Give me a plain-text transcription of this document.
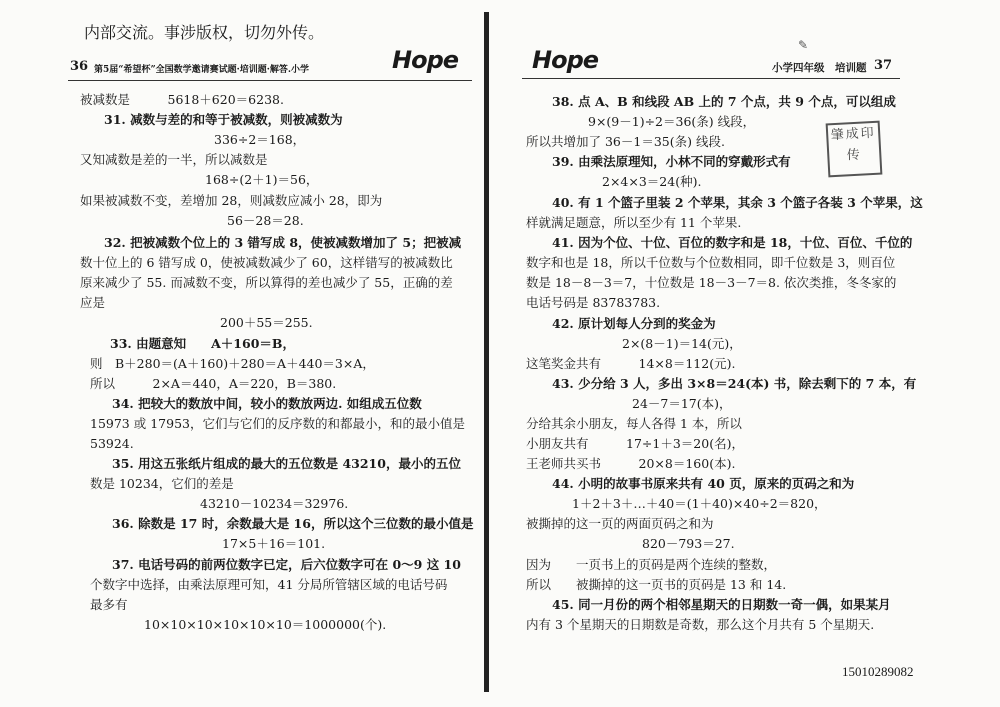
内部交流。事涉版权，切勿外传。
36 第5届“希望杯”全国数学邀请赛试题·培训题·解答.小学	Hope
被减数是　　　5618＋620＝6238.
31. 减数与差的和等于被减数，则被减数为
336÷2＝168，
又知减数是差的一半，所以减数是
168÷(2＋1)＝56，
如果被减数不变，差增加 28，则减数应减小 28，即为
56－28＝28.
32. 把被减数个位上的 3 错写成 8，使被减数增加了 5；把被减
数十位上的 6 错写成 0，使被减数减少了 60，这样错写的被减数比
原来减少了 55. 而减数不变，所以算得的差也减少了 55，正确的差
应是
200＋55＝255.
33. 由题意知　　A＋160＝B，
则　B＋280＝(A＋160)＋280＝A＋440＝3×A，
所以　　　2×A＝440，A＝220，B＝380.
34. 把较大的数放中间，较小的数放两边. 如组成五位数
15973 或 17953，它们与它们的反序数的和都最小，和的最小值是
53924.
35. 用这五张纸片组成的最大的五位数是 43210，最小的五位
数是 10234，它们的差是
43210－10234＝32976.
36. 除数是 17 时，余数最大是 16，所以这个三位数的最小值是
17×5＋16＝101.
37. 电话号码的前两位数字已定，后六位数字可在 0～9 这 10
个数字中选择，由乘法原理可知，41 分局所管辖区域的电话号码
最多有
10×10×10×10×10×10＝1000000(个).
Hope
✎
小学四年级　培训题 37
肇成印传
38. 点 A、B 和线段 AB 上的 7 个点，共 9 个点，可以组成
9×(9－1)÷2＝36(条) 线段，
所以共增加了 36－1＝35(条) 线段.
39. 由乘法原理知，小林不同的穿戴形式有
2×4×3＝24(种).
40. 有 1 个篮子里装 2 个苹果，其余 3 个篮子各装 3 个苹果，这
样就满足题意，所以至少有 11 个苹果.
41. 因为个位、十位、百位的数字和是 18，十位、百位、千位的
数字和也是 18，所以千位数与个位数相同，即千位数是 3，则百位
数是 18－8－3＝7，十位数是 18－3－7＝8. 依次类推，冬冬家的
电话号码是 83783783.
42. 原计划每人分到的奖金为
2×(8－1)＝14(元)，
这笔奖金共有　　　14×8＝112(元).
43. 少分给 3 人，多出 3×8＝24(本) 书，除去剩下的 7 本，有
24－7＝17(本)，
分给其余小朋友，每人各得 1 本，所以
小朋友共有　　　17÷1＋3＝20(名)，
王老师共买书　　　20×8＝160(本).
44. 小明的故事书原来共有 40 页，原来的页码之和为
1＋2＋3＋…＋40＝(1＋40)×40÷2＝820，
被撕掉的这一页的两面页码之和为
820－793＝27.
因为　　一页书上的页码是两个连续的整数，
所以　　被撕掉的这一页书的页码是 13 和 14.
45. 同一月份的两个相邻星期天的日期数一奇一偶，如果某月
内有 3 个星期天的日期数是奇数，那么这个月共有 5 个星期天.
15010289082
